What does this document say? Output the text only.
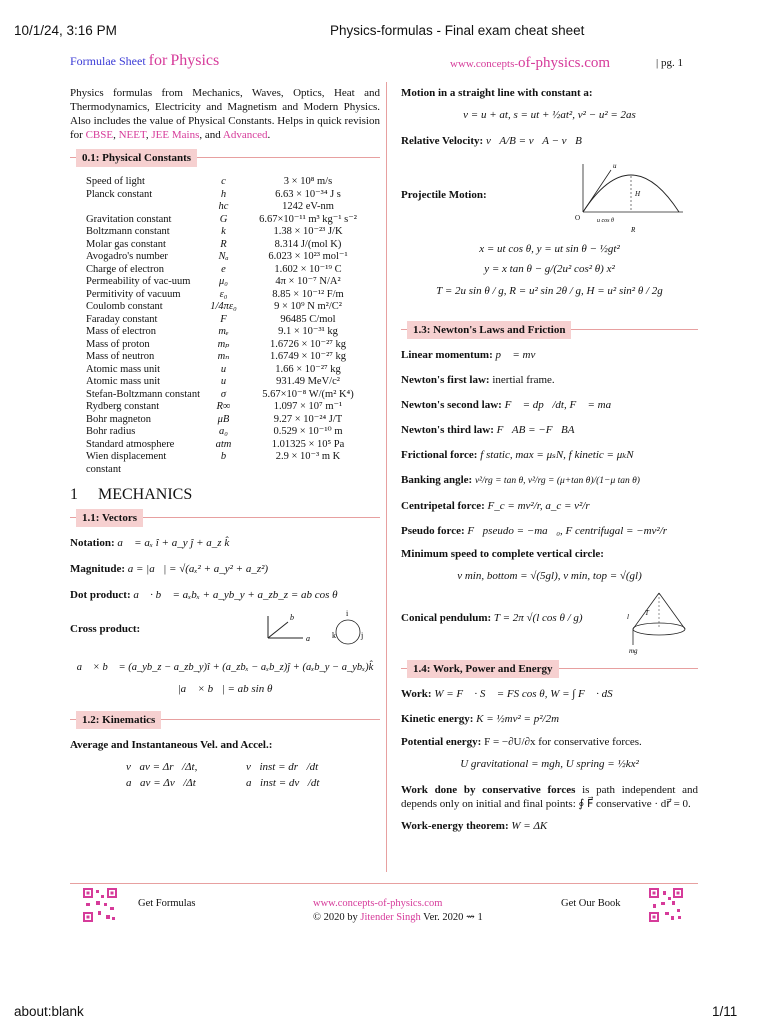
10/1/24, 3:16 PM	Physics-formulas - Final exam cheat sheet
about:blank	1/11
Formulae Sheet for Physics	www.concepts-of-physics.com	| pg. 1
Physics formulas from Mechanics, Waves, Optics, Heat and Thermodynamics, Electricity and Magnetism and Modern Physics. Also includes the value of Physical Constants. Helps in quick revision for CBSE, NEET, JEE Mains, and Advanced.
0.1: Physical Constants
Speed of light	c	3 × 10⁸ m/s
Planck constant	h	6.63 × 10⁻³⁴ J s
	hc	1242 eV-nm
Gravitation constant	G	6.67×10⁻¹¹ m³ kg⁻¹ s⁻²
Boltzmann constant	k	1.38 × 10⁻²³ J/K
Molar gas constant	R	8.314 J/(mol K)
Avogadro's number	Nₐ	6.023 × 10²³ mol⁻¹
Charge of electron	e	1.602 × 10⁻¹⁹ C
Permeability of vac-uum	μ₀	4π × 10⁻⁷ N/A²
Permitivity of vacuum	ε₀	8.85 × 10⁻¹² F/m
Coulomb constant	1/4πε₀	9 × 10⁹ N m²/C²
Faraday constant	F	96485 C/mol
Mass of electron	mₑ	9.1 × 10⁻³¹ kg
Mass of proton	mₚ	1.6726 × 10⁻²⁷ kg
Mass of neutron	mₙ	1.6749 × 10⁻²⁷ kg
Atomic mass unit	u	1.66 × 10⁻²⁷ kg
Atomic mass unit	u	931.49 MeV/c²
Stefan-Boltzmann constant	σ	5.67×10⁻⁸ W/(m² K⁴)
Rydberg constant	R∞	1.097 × 10⁷ m⁻¹
Bohr magneton	μB	9.27 × 10⁻²⁴ J/T
Bohr radius	a₀	0.529 × 10⁻¹⁰ m
Standard atmosphere	atm	1.01325 × 10⁵ Pa
Wien displacement constant	b	2.9 × 10⁻³ m K
1 MECHANICS
1.1: Vectors
Notation: a⃗ = aₓ î + a_y ĵ + a_z k̂
Magnitude: a = |a⃗| = √(aₓ² + a_y² + a_z²)
Dot product: a⃗ · b⃗ = aₓbₓ + a_yb_y + a_zb_z = ab cos θ
Cross product:
a
b	i
k	j
a⃗ × b⃗ = (a_yb_z − a_zb_y)î + (a_zbₓ − aₓb_z)ĵ + (aₓb_y − a_ybₓ)k̂
|a⃗ × b⃗| = ab sin θ
1.2: Kinematics
Average and Instantaneous Vel. and Accel.:
v⃗av = Δr⃗/Δt,	v⃗inst = dr⃗/dt
a⃗av = Δv⃗/Δt	a⃗inst = dv⃗/dt
Motion in a straight line with constant a:
v = u + at, s = ut + ½at², v² − u² = 2as
Relative Velocity: v⃗A/B = v⃗A − v⃗B
Projectile Motion:	H
u
O	u cos θ
R
x = ut cos θ, y = ut sin θ − ½gt²
y = x tan θ − g/(2u² cos² θ) x²
T = 2u sin θ / g, R = u² sin 2θ / g, H = u² sin² θ / 2g
1.3: Newton's Laws and Friction
Linear momentum: p⃗ = mv⃗
Newton's first law: inertial frame.
Newton's second law: F⃗ = dp⃗/dt, F⃗ = ma⃗
Newton's third law: F⃗AB = −F⃗BA
Frictional force: f static, max = μₛN, f kinetic = μₖN
Banking angle: v²/rg = tan θ, v²/rg = (μ+tan θ)/(1−μ tan θ)
Centripetal force: F_c = mv²/r, a_c = v²/r
Pseudo force: F⃗pseudo = −ma⃗₀, F centrifugal = −mv²/r
Minimum speed to complete vertical circle:
v min, bottom = √(5gl), v min, top = √(gl)
Conical pendulum: T = 2π √(l cos θ / g)
mg
T
l
1.4: Work, Power and Energy
Work: W = F⃗ · S⃗ = FS cos θ, W = ∫ F⃗ · dS⃗
Kinetic energy: K = ½mv² = p²/2m
Potential energy: F = −∂U/∂x for conservative forces.
U gravitational = mgh, U spring = ½kx²
Work done by conservative forces is path independent and depends only on initial and final points: ∮ F⃗ conservative · dr⃗ = 0.
Work-energy theorem: W = ΔK
Get Formulas	www.concepts-of-physics.com
© 2020 by Jitender Singh Ver. 2020 ⇝ 1
Get Our Book
